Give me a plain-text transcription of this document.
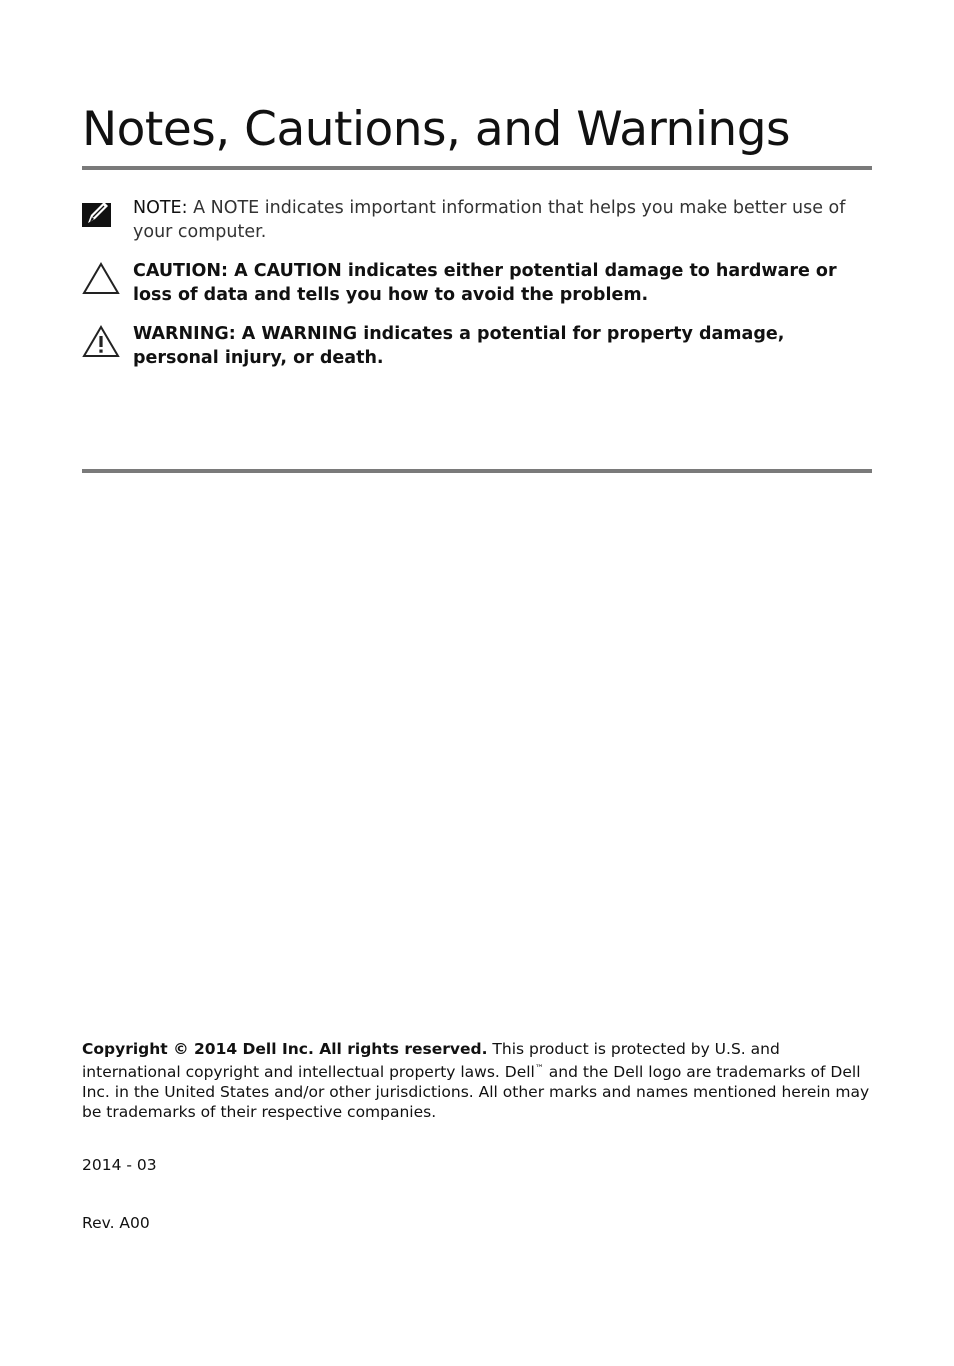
Notes, Cautions, and Warnings
NOTE: A NOTE indicates important information that helps you make better use of your computer.
CAUTION: A CAUTION indicates either potential damage to hardware or loss of data and tells you how to avoid the problem.
WARNING: A WARNING indicates a potential for property damage, personal injury, or death.
Copyright © 2014 Dell Inc. All rights reserved. This product is protected by U.S. and international copyright and intellectual property laws. Dell™ and the Dell logo are trademarks of Dell Inc. in the United States and/or other jurisdictions. All other marks and names mentioned herein may be trademarks of their respective companies.
2014 - 03
Rev. A00
